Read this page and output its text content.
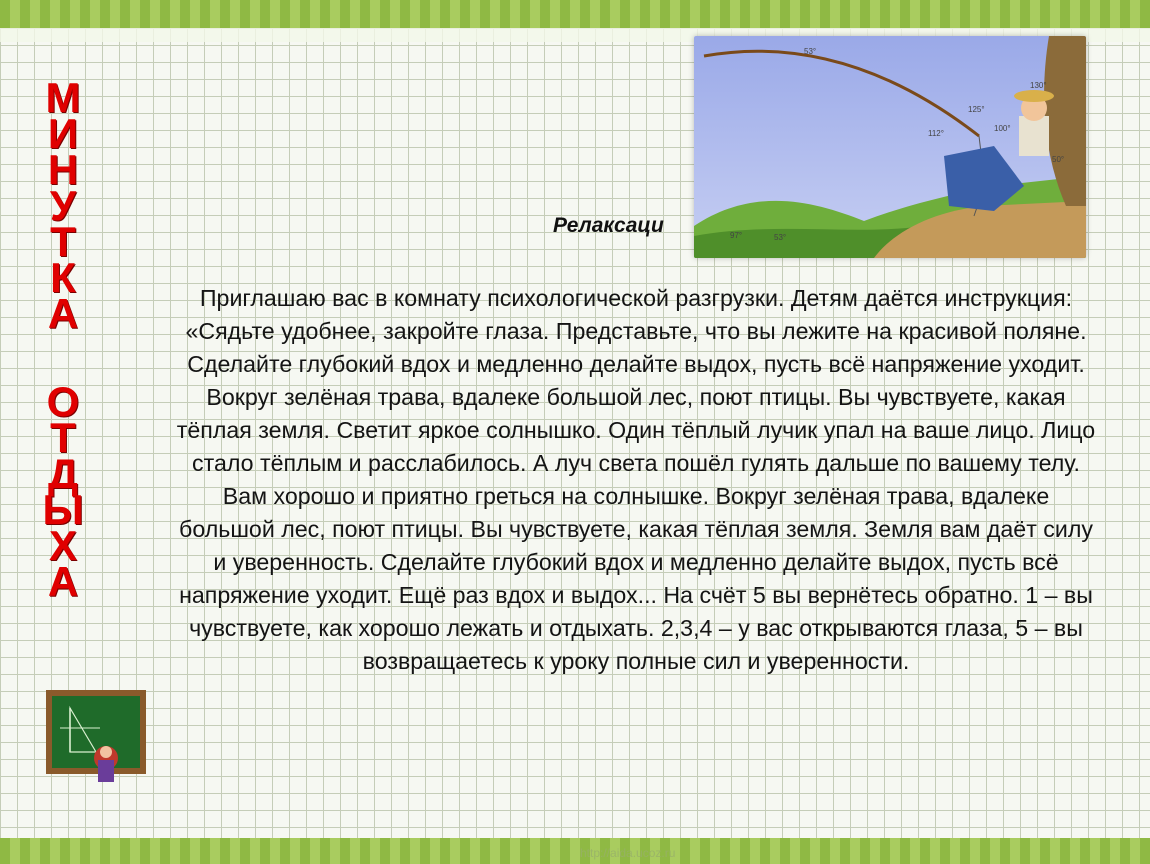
М
И
Н
У
Т
К
А
О
Т
Д
Ы
Х
А
53°
130°
125°
112°
100°
97°	53°
50°
Релаксаци
Приглашаю вас в комнату психологической разгрузки. Детям даётся инструкция: «Сядьте удобнее, закройте глаза. Представьте, что вы лежите на красивой поляне. Сделайте глубокий вдох и медленно делайте выдох, пусть всё напряжение уходит. Вокруг зелёная трава, вдалеке большой лес, поют птицы. Вы чувствуете, какая тёплая земля. Светит яркое солнышко. Один тёплый лучик упал на ваше лицо. Лицо стало тёплым и расслабилось. А луч света пошёл гулять дальше по вашему телу. Вам хорошо и приятно греться на солнышке. Вокруг зелёная трава, вдалеке большой лес, поют птицы. Вы чувствуете, какая тёплая земля. Земля вам даёт силу и уверенность. Сделайте глубокий вдох и медленно делайте выдох, пусть всё напряжение уходит. Ещё раз вдох и выдох... На счёт 5 вы вернётесь обратно. 1 – вы чувствуете, как хорошо лежать и отдыхать. 2,3,4 – у вас открываются глаза, 5 – вы возвращаетесь к уроку полные сил и уверенности.
http://aida.ucoz.ru
